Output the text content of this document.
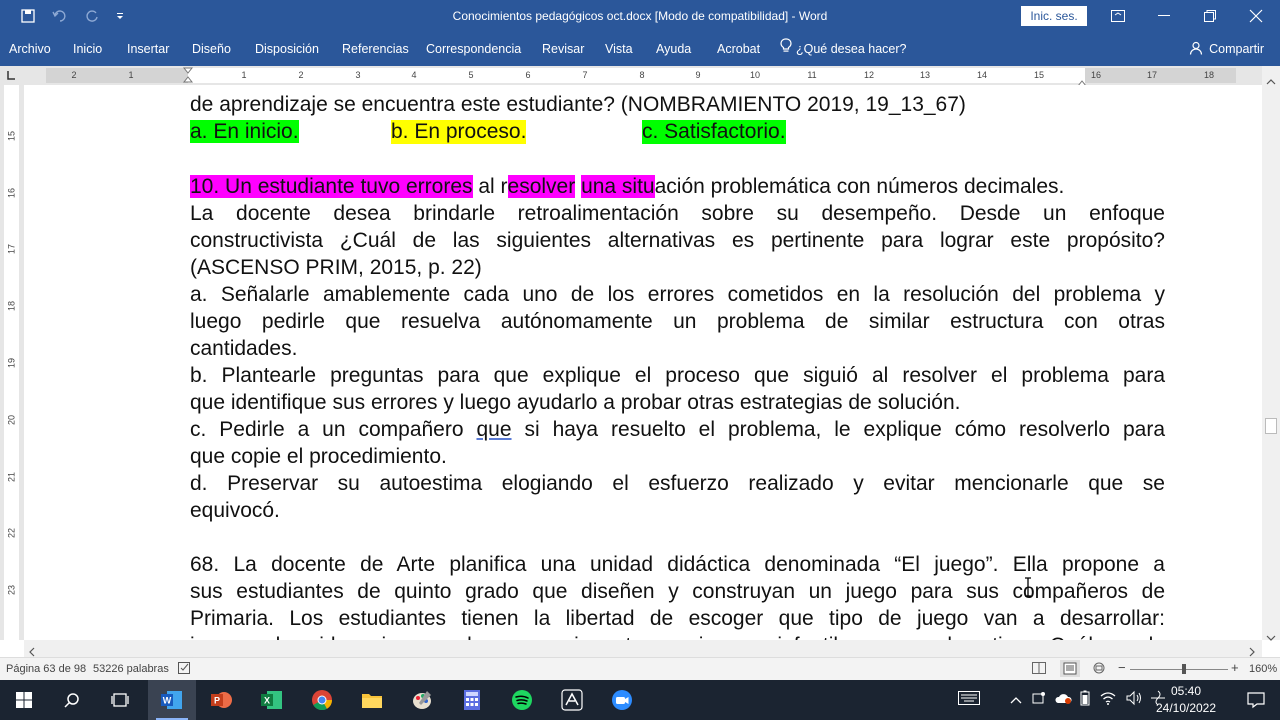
Conocimientos pedagógicos oct.docx [Modo de compatibilidad] - Word	Inic. ses.
Archivo Inicio Insertar Diseño Disposición Referencias Correspondencia Revisar Vista Ayuda Acrobat	¿Qué desea hacer?	Compartir
2	1	1	2	3	4	5	6	7	8	9	10	11	12	13	14	15	16	17	18
15
16
17
18
19
20
21
22
23
de aprendizaje se encuentra este estudiante? (NOMBRAMIENTO 2019, 19_13_67)
a. En inicio.	b. En proceso.	c. Satisfactorio.
10. Un estudiante tuvo errores al resolver una situación problemática con números decimales.
La docente desea brindarle retroalimentación sobre su desempeño. Desde un enfoque
constructivista ¿Cuál de las siguientes alternativas es pertinente para lograr este propósito?
(ASCENSO PRIM, 2015, p. 22)
a. Señalarle amablemente cada uno de los errores cometidos en la resolución del problema y
luego pedirle que resuelva autónomamente un problema de similar estructura con otras
cantidades.
b. Plantearle preguntas para que explique el proceso que siguió al resolver el problema para
que identifique sus errores y luego ayudarlo a probar otras estrategias de solución.
c. Pedirle a un compañero que si haya resuelto el problema, le explique cómo resolverlo para
que copie el procedimiento.
d. Preservar su autoestima elogiando el esfuerzo realizado y evitar mencionarle que se
equivocó.
68. La docente de Arte planifica una unidad didáctica denominada “El juego”. Ella propone a
sus estudiantes de quinto grado que diseñen y construyan un juego para sus compañeros de
Primaria. Los estudiantes tienen la libertad de escoger que tipo de juego van a desarrollar:
Página 63 de 98 53226 palabras	−	+ 160%
W	P	X
05:40
24/10/2022
